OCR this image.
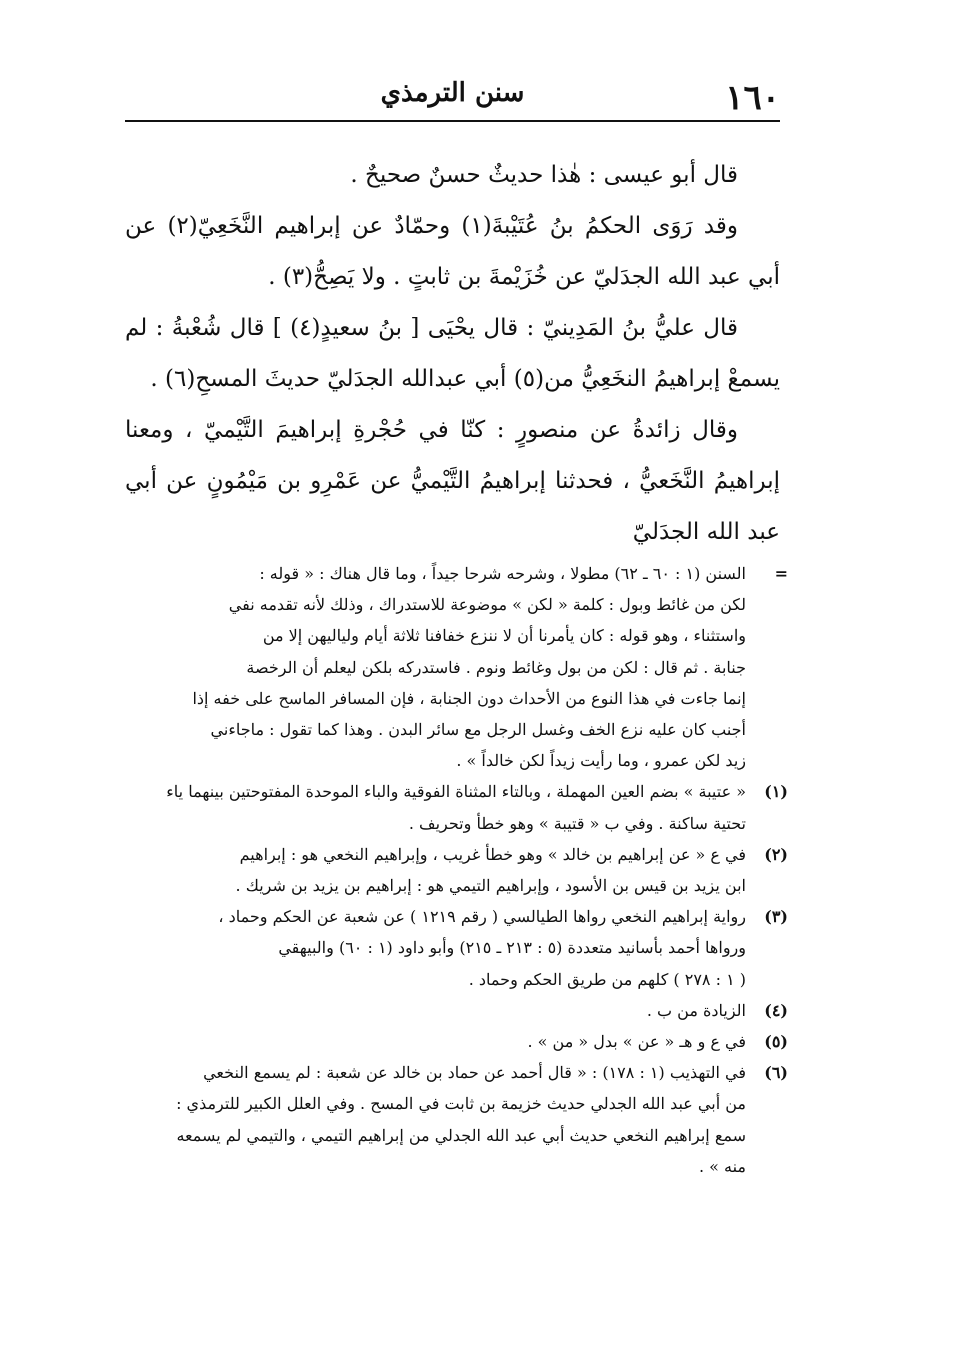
١٦٠
سنن الترمذي

قال أبو عيسى : هٰذا حديثٌ حسنٌ صحيحٌ .

وقد رَوَى الحكمُ بنُ عُتَيْبةَ(١) وحمّادٌ عن إبراهيم النَّخَعِيّ(٢) عن أبي عبد الله الجدَليّ عن خُزَيْمةَ بن ثابتٍ . ولا يَصِحُّ(٣) .

قال عليُّ بنُ المَدِينيّ : قال يحْيَى [ بنُ سعيدٍ(٤) ] قال شُعْبةُ : لم يسمعْ إبراهيمُ النخَعِيُّ من(٥) أبي عبدالله الجدَليّ حديثَ المسحِ(٦) .

وقال زائدةُ عن منصورٍ : كنّا في حُجْرةِ إبراهيمَ التَّيْميّ ، ومعنا إبراهيمُ النَّخَعيُّ ، فحدثنا إبراهيمُ التَّيْميُّ عن عَمْرِو بن مَيْمُونٍ عن أبي عبد الله الجدَليّ

=
السنن (١ : ٦٠ ـ ٦٢) مطولا ، وشرحه شرحا جيداً ، وما قال هناك : « قوله :
لكن من غائط وبول : كلمة « لكن » موضوعة للاستدراك ، وذلك لأنه تقدمه نفي
واستثناء ، وهو قوله : كان يأمرنا أن لا ننزع خفافنا ثلاثة أيام ولياليهن إلا من
جنابة . ثم قال : لكن من بول وغائط ونوم . فاستدركه بلكن ليعلم أن الرخصة
إنما جاءت في هذا النوع من الأحداث دون الجنابة ، فإن المسافر الماسح على خفه إذا
أجنب كان عليه نزع الخف وغسل الرجل مع سائر البدن . وهذا كما تقول : ماجاءني
زيد لكن عمرو ، وما رأيت زيداً لكن خالداً » .
(١)
« عتيبة » بضم العين المهملة ، وبالتاء المثناة الفوقية والباء الموحدة المفتوحتين بينهما ياء
تحتية ساكنة . وفي ب « قتيبة » وهو خطأ وتحريف .
(٢)
في ع « عن إبراهيم بن خالد » وهو خطأ غريب ، وإبراهيم النخعي هو : إبراهيم
ابن يزيد بن قيس بن الأسود ، وإبراهيم التيمي هو : إبراهيم بن يزيد بن شريك .
(٣)
رواية إبراهيم النخعي رواها الطيالسي ( رقم ١٢١٩ ) عن شعبة عن الحكم وحماد ،
ورواها أحمد بأسانيد متعددة (٥ : ٢١٣ ـ ٢١٥) وأبو داود (١ : ٦٠) والبيهقي
( ١ : ٢٧٨ ) كلهم من طريق الحكم وحماد .
(٤)
الزيادة من ب .
(٥)
في ع و هـ « عن » بدل « من » .
(٦)
في التهذيب (١ : ١٧٨) : « قال أحمد عن حماد بن خالد عن شعبة : لم يسمع النخعي
من أبي عبد الله الجدلي حديث خزيمة بن ثابت في المسح . وفي العلل الكبير للترمذي :
سمع إبراهيم النخعي حديث أبي عبد الله الجدلي من إبراهيم التيمي ، والتيمي لم يسمعه
منه » .
